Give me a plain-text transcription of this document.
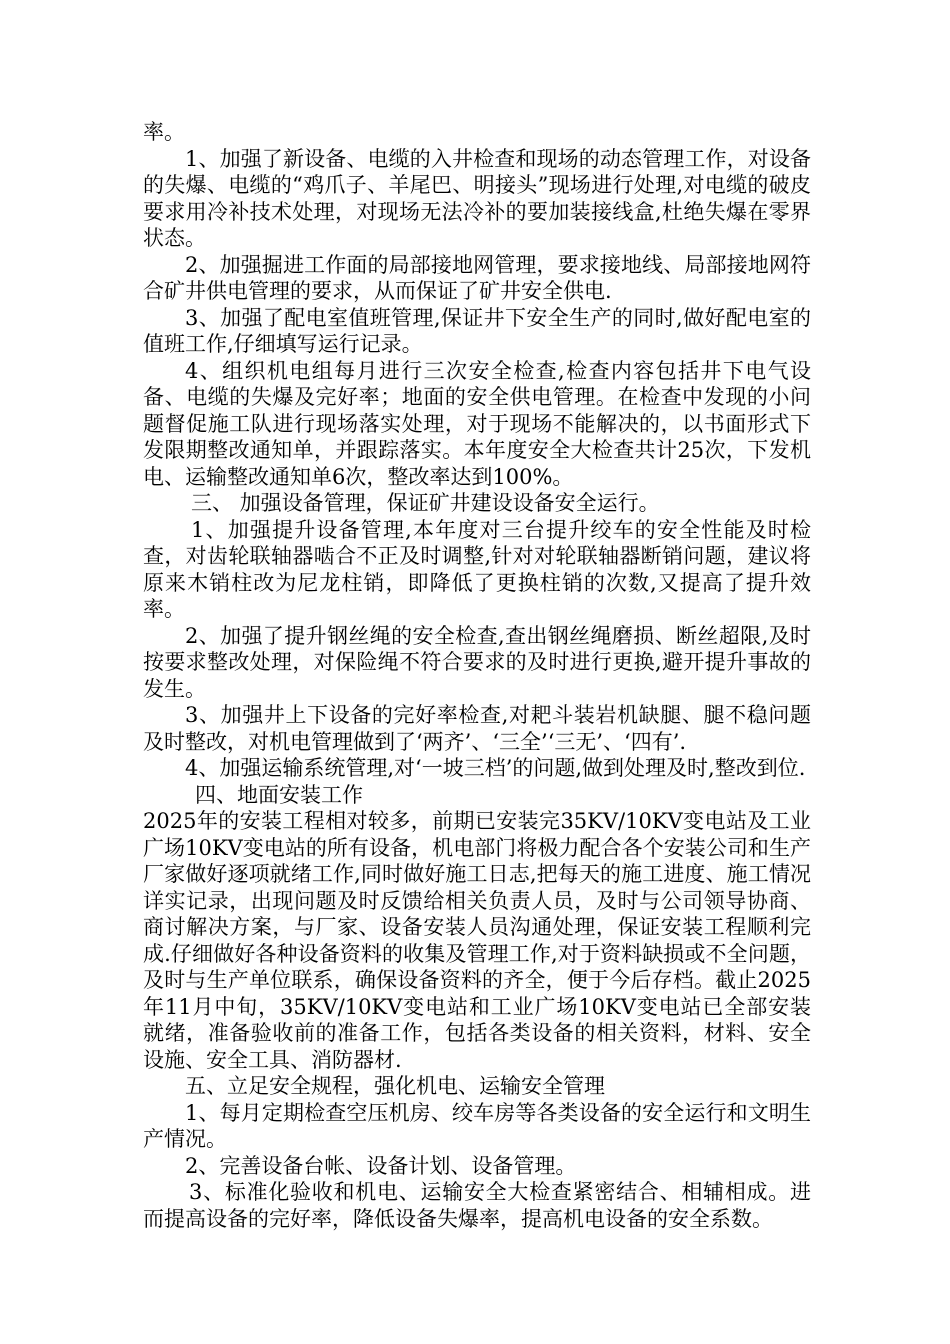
率。

1、加强了新设备、电缆的入井检查和现场的动态管理工作，对设备的失爆、电缆的“鸡爪子、羊尾巴、明接头”现场进行处理,对电缆的破皮要求用冷补技术处理，对现场无法冷补的要加装接线盒,杜绝失爆在零界状态。

2、加强掘进工作面的局部接地网管理，要求接地线、局部接地网符合矿井供电管理的要求，从而保证了矿井安全供电.

3、加强了配电室值班管理,保证井下安全生产的同时,做好配电室的值班工作,仔细填写运行记录。

4、组织机电组每月进行三次安全检查,检查内容包括井下电气设备、电缆的失爆及完好率；地面的安全供电管理。在检查中发现的小问题督促施工队进行现场落实处理，对于现场不能解决的，以书面形式下发限期整改通知单，并跟踪落实。本年度安全大检查共计25次，下发机电、运输整改通知单6次，整改率达到100%。

三、 加强设备管理，保证矿井建设设备安全运行。

1、加强提升设备管理,本年度对三台提升绞车的安全性能及时检查，对齿轮联轴器啮合不正及时调整,针对对轮联轴器断销问题，建议将原来木销柱改为尼龙柱销，即降低了更换柱销的次数,又提高了提升效率。

2、加强了提升钢丝绳的安全检查,查出钢丝绳磨损、断丝超限,及时按要求整改处理，对保险绳不符合要求的及时进行更换,避开提升事故的发生。

3、加强井上下设备的完好率检查,对耙斗装岩机缺腿、腿不稳问题及时整改，对机电管理做到了‘两齐’、‘三全’‘三无’、‘四有’.

4、加强运输系统管理,对‘一坡三档’的问题,做到处理及时,整改到位.

四、地面安装工作

2025年的安装工程相对较多，前期已安装完35KV/10KV变电站及工业广场10KV变电站的所有设备，机电部门将极力配合各个安装公司和生产厂家做好逐项就绪工作,同时做好施工日志,把每天的施工进度、施工情况详实记录，出现问题及时反馈给相关负责人员，及时与公司领导协商、商讨解决方案，与厂家、设备安装人员沟通处理，保证安装工程顺利完成.仔细做好各种设备资料的收集及管理工作,对于资料缺损或不全问题，及时与生产单位联系，确保设备资料的齐全，便于今后存档。截止2025年11月中旬，35KV/10KV变电站和工业广场10KV变电站已全部安装就绪，准备验收前的准备工作，包括各类设备的相关资料，材料、安全设施、安全工具、消防器材.

五、立足安全规程，强化机电、运输安全管理

1、每月定期检查空压机房、绞车房等各类设备的安全运行和文明生产情况。

2、完善设备台帐、设备计划、设备管理。

3、标准化验收和机电、运输安全大检查紧密结合、相辅相成。进而提高设备的完好率，降低设备失爆率，提高机电设备的安全系数。
